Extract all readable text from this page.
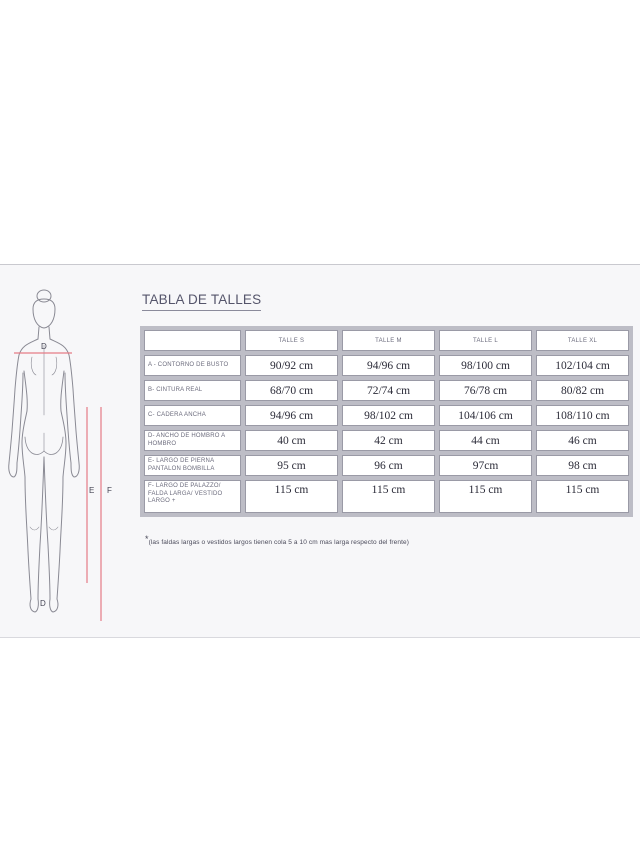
D
D
E F
TABLA DE TALLES
	TALLE S	TALLE M	TALLE L	TALLE XL
A - CONTORNO DE BUSTO	90/92 cm	94/96 cm	98/100 cm	102/104 cm
B- CINTURA REAL	68/70 cm	72/74 cm	76/78 cm	80/82 cm
C- CADERA ANCHA	94/96 cm	98/102 cm	104/106 cm	108/110 cm
D- ANCHO DE HOMBRO A HOMBRO	40 cm	42 cm	44 cm	46 cm
E- LARGO DE PIERNA PANTALON BOMBILLA	95 cm	96 cm	97cm	98 cm
F- LARGO DE PALAZZO/ FALDA LARGA/ VESTIDO LARGO +	115 cm	115 cm	115 cm	115 cm
*(las faldas largas o vestidos largos tienen cola 5 a 10 cm mas larga respecto del frente)
